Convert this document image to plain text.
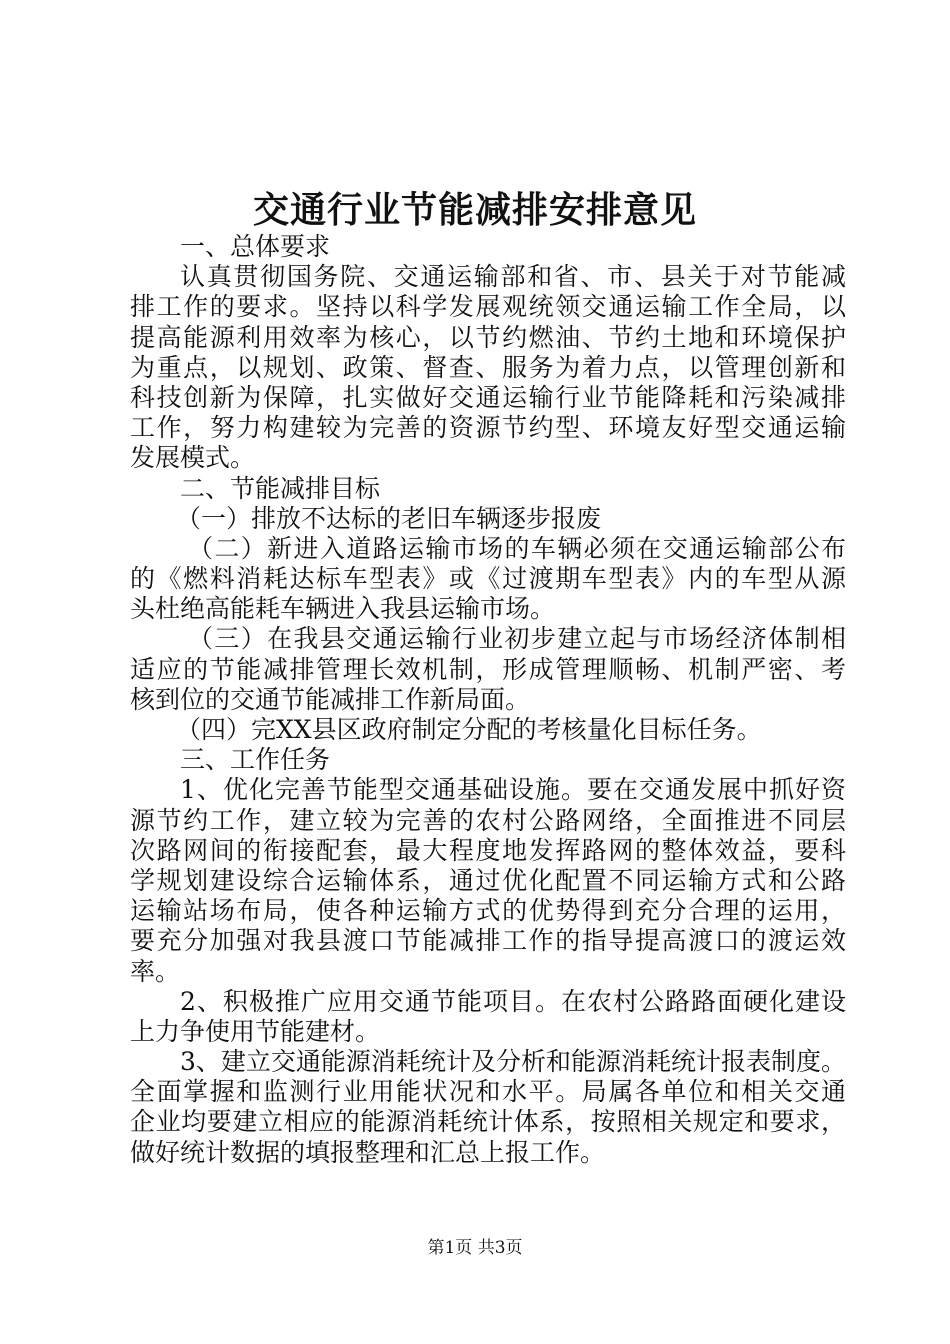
交通行业节能减排安排意见
一、总体要求
认真贯彻国务院、交通运输部和省、市、县关于对节能减
排工作的要求。坚持以科学发展观统领交通运输工作全局，以
提高能源利用效率为核心，以节约燃油、节约土地和环境保护
为重点，以规划、政策、督查、服务为着力点，以管理创新和
科技创新为保障，扎实做好交通运输行业节能降耗和污染减排
工作，努力构建较为完善的资源节约型、环境友好型交通运输
发展模式。
二、节能减排目标
（一）排放不达标的老旧车辆逐步报废
（二）新进入道路运输市场的车辆必须在交通运输部公布
的《燃料消耗达标车型表》或《过渡期车型表》内的车型从源
头杜绝高能耗车辆进入我县运输市场。
（三）在我县交通运输行业初步建立起与市场经济体制相
适应的节能减排管理长效机制，形成管理顺畅、机制严密、考
核到位的交通节能减排工作新局面。
（四）完XX县区政府制定分配的考核量化目标任务。
三、工作任务
1、优化完善节能型交通基础设施。要在交通发展中抓好资
源节约工作，建立较为完善的农村公路网络，全面推进不同层
次路网间的衔接配套，最大程度地发挥路网的整体效益，要科
学规划建设综合运输体系，通过优化配置不同运输方式和公路
运输站场布局，使各种运输方式的优势得到充分合理的运用，
要充分加强对我县渡口节能减排工作的指导提高渡口的渡运效
率。
2、积极推广应用交通节能项目。在农村公路路面硬化建设
上力争使用节能建材。
3、建立交通能源消耗统计及分析和能源消耗统计报表制度。
全面掌握和监测行业用能状况和水平。局属各单位和相关交通
企业均要建立相应的能源消耗统计体系，按照相关规定和要求，
做好统计数据的填报整理和汇总上报工作。
第1页 共3页
